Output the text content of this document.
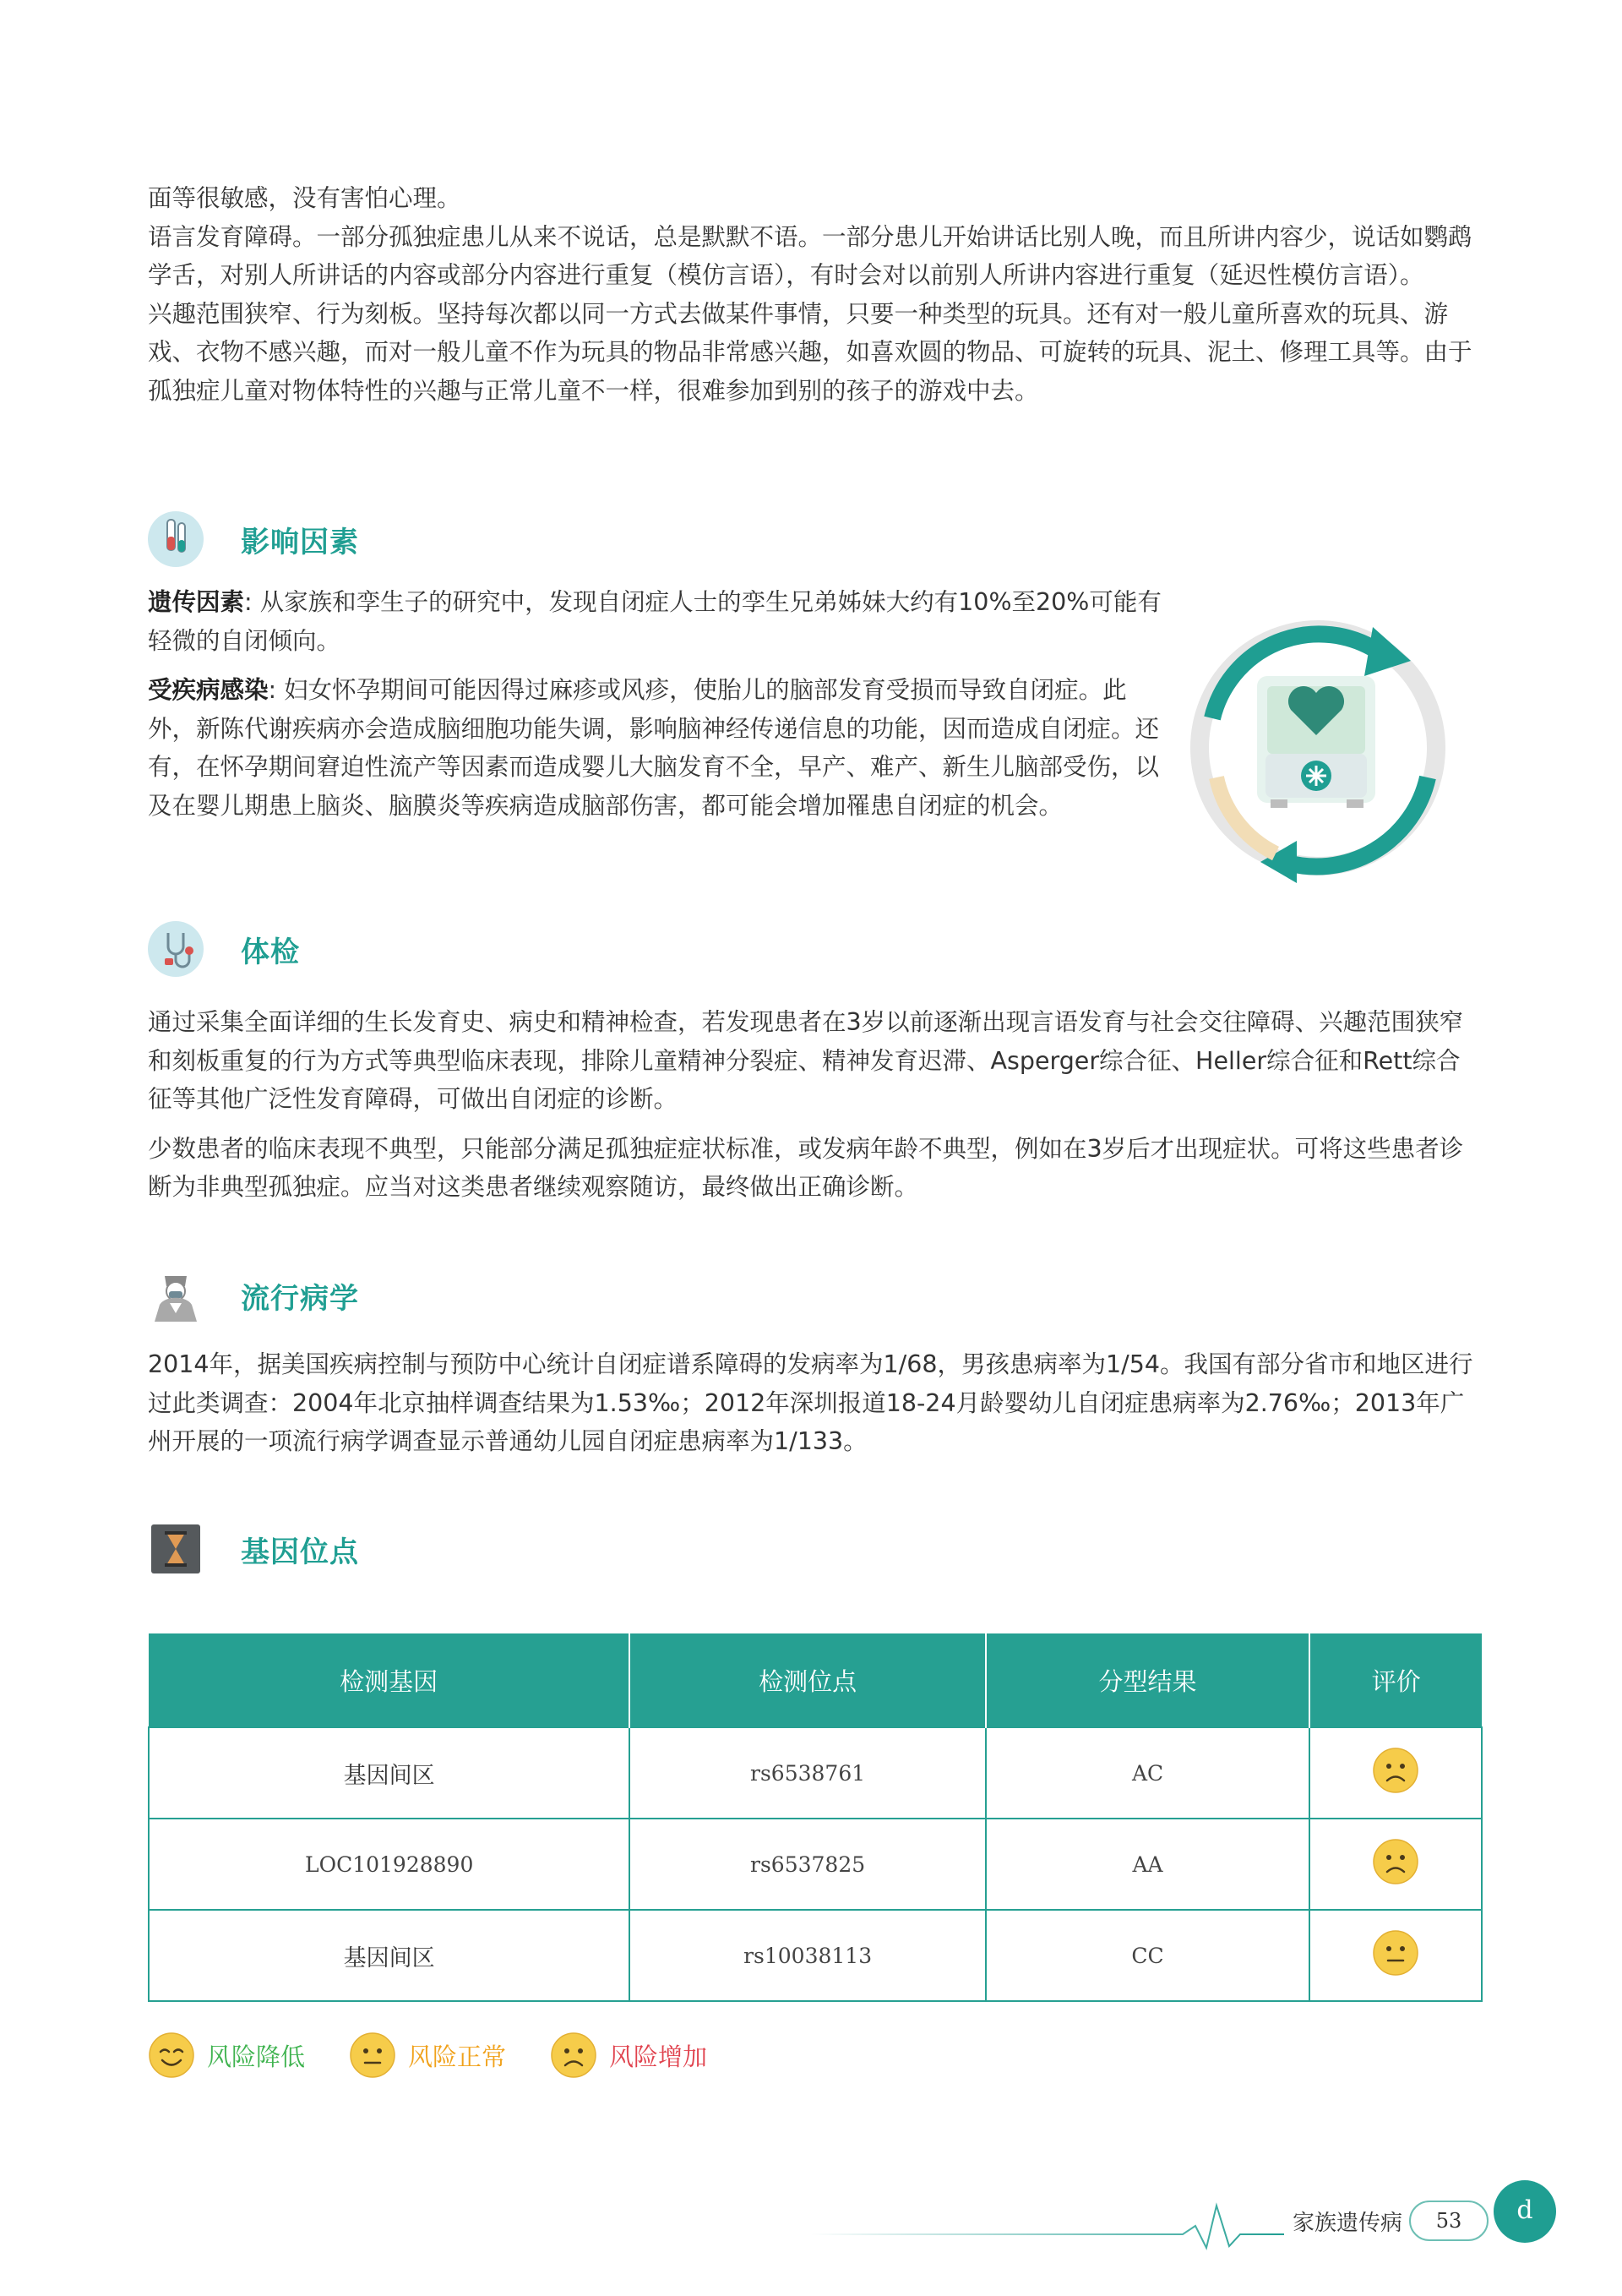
面等很敏感，没有害怕心理。

语言发育障碍。一部分孤独症患儿从来不说话，总是默默不语。一部分患儿开始讲话比别人晚，而且所讲内容少，说话如鹦鹉学舌，对别人所讲话的内容或部分内容进行重复（模仿言语），有时会对以前别人所讲内容进行重复（延迟性模仿言语）。

兴趣范围狭窄、行为刻板。坚持每次都以同一方式去做某件事情，只要一种类型的玩具。还有对一般儿童所喜欢的玩具、游戏、衣物不感兴趣，而对一般儿童不作为玩具的物品非常感兴趣，如喜欢圆的物品、可旋转的玩具、泥土、修理工具等。由于孤独症儿童对物体特性的兴趣与正常儿童不一样，很难参加到别的孩子的游戏中去。

影响因素

遗传因素: 从家族和孪生子的研究中，发现自闭症人士的孪生兄弟姊妹大约有10%至20%可能有轻微的自闭倾向。

受疾病感染: 妇女怀孕期间可能因得过麻疹或风疹，使胎儿的脑部发育受损而导致自闭症。此外，新陈代谢疾病亦会造成脑细胞功能失调，影响脑神经传递信息的功能，因而造成自闭症。还有，在怀孕期间窘迫性流产等因素而造成婴儿大脑发育不全，早产、难产、新生儿脑部受伤，以及在婴儿期患上脑炎、脑膜炎等疾病造成脑部伤害，都可能会增加罹患自闭症的机会。

体检

通过采集全面详细的生长发育史、病史和精神检查，若发现患者在3岁以前逐渐出现言语发育与社会交往障碍、兴趣范围狭窄和刻板重复的行为方式等典型临床表现，排除儿童精神分裂症、精神发育迟滞、Asperger综合征、Heller综合征和Rett综合征等其他广泛性发育障碍，可做出自闭症的诊断。

少数患者的临床表现不典型，只能部分满足孤独症症状标准，或发病年龄不典型，例如在3岁后才出现症状。可将这些患者诊断为非典型孤独症。应当对这类患者继续观察随访，最终做出正确诊断。

流行病学

2014年，据美国疾病控制与预防中心统计自闭症谱系障碍的发病率为1/68，男孩患病率为1/54。我国有部分省市和地区进行过此类调查：2004年北京抽样调查结果为1.53‰；2012年深圳报道18-24月龄婴幼儿自闭症患病率为2.76‰；2013年广州开展的一项流行病学调查显示普通幼儿园自闭症患病率为1/133。

基因位点
检测基因	检测位点	分型结果	评价
基因间区	rs6538761	AC	
LOC101928890	rs6537825	AA	
基因间区	rs10038113	CC	
风险降低	风险正常	风险增加
家族遗传病	53	d
